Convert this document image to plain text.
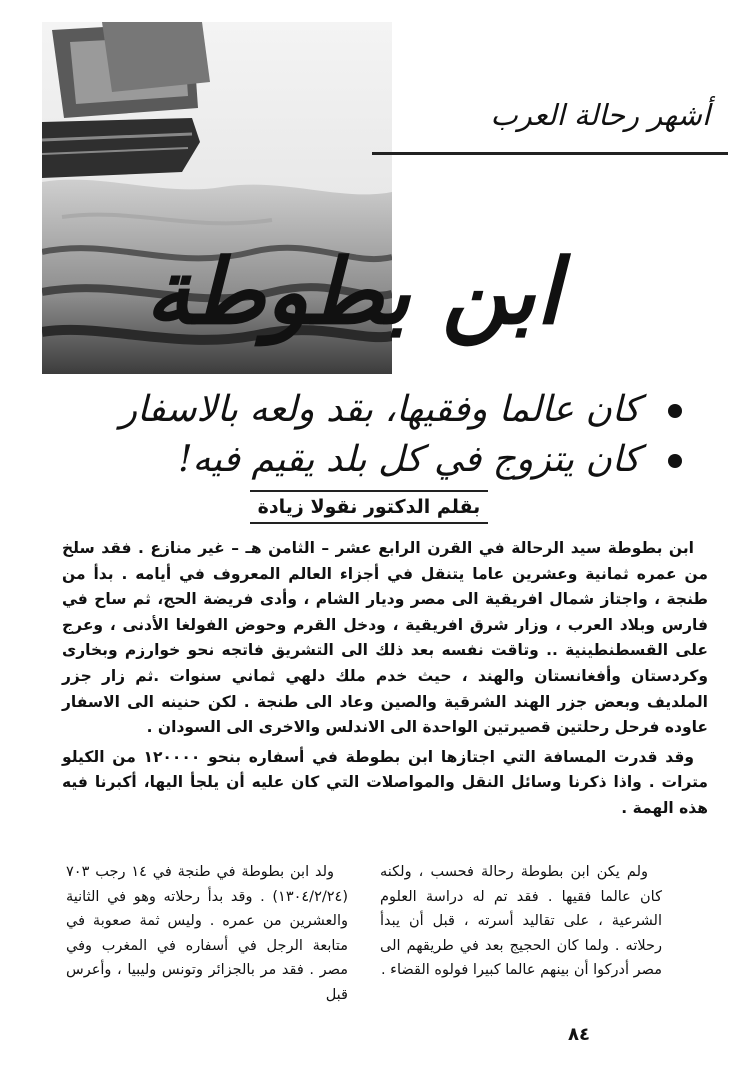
أشهر رحالة العرب
ابن بطوطة
كان عالما وفقيها، بقد ولعه بالاسفار
كان يتزوج في كل بلد يقيم فيه!
بقلم الدكتور نقولا زيادة

ابن بطوطة سيد الرحالة في القرن الرابع عشر – الثامن هـ – غير منازع . فقد سلخ من عمره ثمانية وعشرين عاما يتنقل في أجزاء العالم المعروف في أيامه . بدأ من طنجة ، واجتاز شمال افريقية الى مصر وديار الشام ، وأدى فريضة الحج، ثم ساح في فارس وبلاد العرب ، وزار شرق افريقية ، ودخل القرم وحوض الفولغا الأدنى ، وعرج على القسطنطينية .. وتاقت نفسه بعد ذلك الى التشريق فاتجه نحو خوارزم وبخارى وكردستان وأفغانستان والهند ، حيث خدم ملك دلهي ثماني سنوات .ثم زار جزر الملديف وبعض جزر الهند الشرقية والصين وعاد الى طنجة . لكن حنينه الى الاسفار عاوده فرحل رحلتين قصيرتين الواحدة الى الاندلس والاخرى الى السودان .

وقد قدرت المسافة التي اجتازها ابن بطوطة في أسفاره بنحو ١٢٠٠٠٠ من الكيلو مترات . واذا ذكرنا وسائل النقل والمواصلات التي كان عليه أن يلجأ اليها، أكبرنا فيه هذه الهمة .

ولم يكن ابن بطوطة رحالة فحسب ، ولكنه كان عالما فقيها . فقد تم له دراسة العلوم الشرعية ، على تقاليد أسرته ، قبل أن يبدأ رحلاته . ولما كان الحجيج بعد في طريقهم الى مصر أدركوا أن بينهم عالما كبيرا فولوه القضاء .

ولد ابن بطوطة في طنجة في ١٤ رجب ٧٠٣ (١٣٠٤/٢/٢٤) . وقد بدأ رحلاته وهو في الثانية والعشرين من عمره . وليس ثمة صعوبة في متابعة الرجل في أسفاره في المغرب وفي مصر . فقد مر بالجزائر وتونس وليبيا ، وأعرس قبل

٨٤
